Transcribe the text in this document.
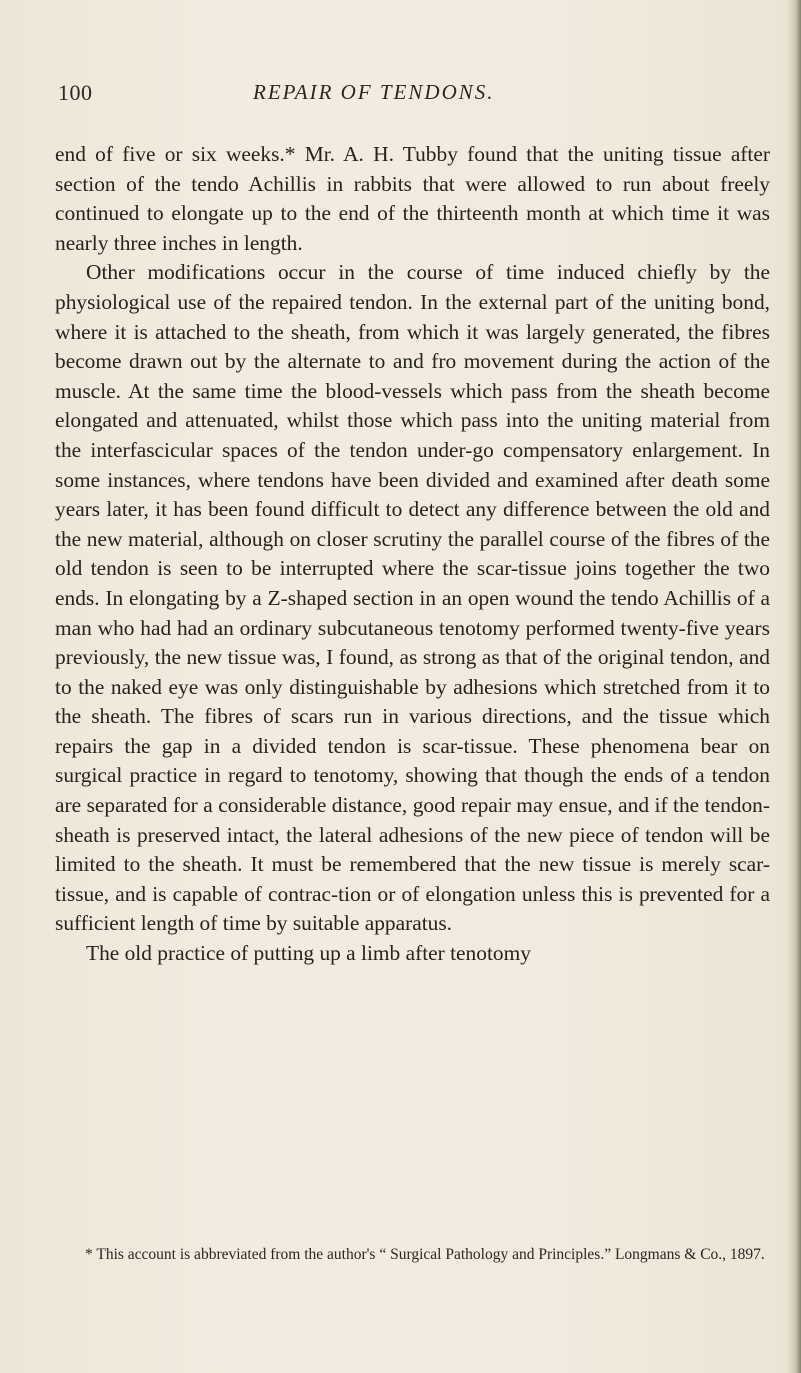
100	REPAIR OF TENDONS.

end of five or six weeks.* Mr. A. H. Tubby found that the uniting tissue after section of the tendo Achillis in rabbits that were allowed to run about freely continued to elongate up to the end of the thirteenth month at which time it was nearly three inches in length.

Other modifications occur in the course of time induced chiefly by the physiological use of the repaired tendon. In the external part of the uniting bond, where it is attached to the sheath, from which it was largely generated, the fibres become drawn out by the alternate to and fro movement during the action of the muscle. At the same time the blood-vessels which pass from the sheath become elongated and attenuated, whilst those which pass into the uniting material from the interfascicular spaces of the tendon under-go compensatory enlargement. In some instances, where tendons have been divided and examined after death some years later, it has been found difficult to detect any difference between the old and the new material, although on closer scrutiny the parallel course of the fibres of the old tendon is seen to be interrupted where the scar-tissue joins together the two ends. In elongating by a Z-shaped section in an open wound the tendo Achillis of a man who had had an ordinary subcutaneous tenotomy performed twenty-five years previously, the new tissue was, I found, as strong as that of the original tendon, and to the naked eye was only distinguishable by adhesions which stretched from it to the sheath. The fibres of scars run in various directions, and the tissue which repairs the gap in a divided tendon is scar-tissue. These phenomena bear on surgical practice in regard to tenotomy, showing that though the ends of a tendon are separated for a considerable distance, good repair may ensue, and if the tendon-sheath is preserved intact, the lateral adhesions of the new piece of tendon will be limited to the sheath. It must be remembered that the new tissue is merely scar-tissue, and is capable of contrac-tion or of elongation unless this is prevented for a sufficient length of time by suitable apparatus.

The old practice of putting up a limb after tenotomy

* This account is abbreviated from the author's “ Surgical Pathology and Principles.” Longmans & Co., 1897.
